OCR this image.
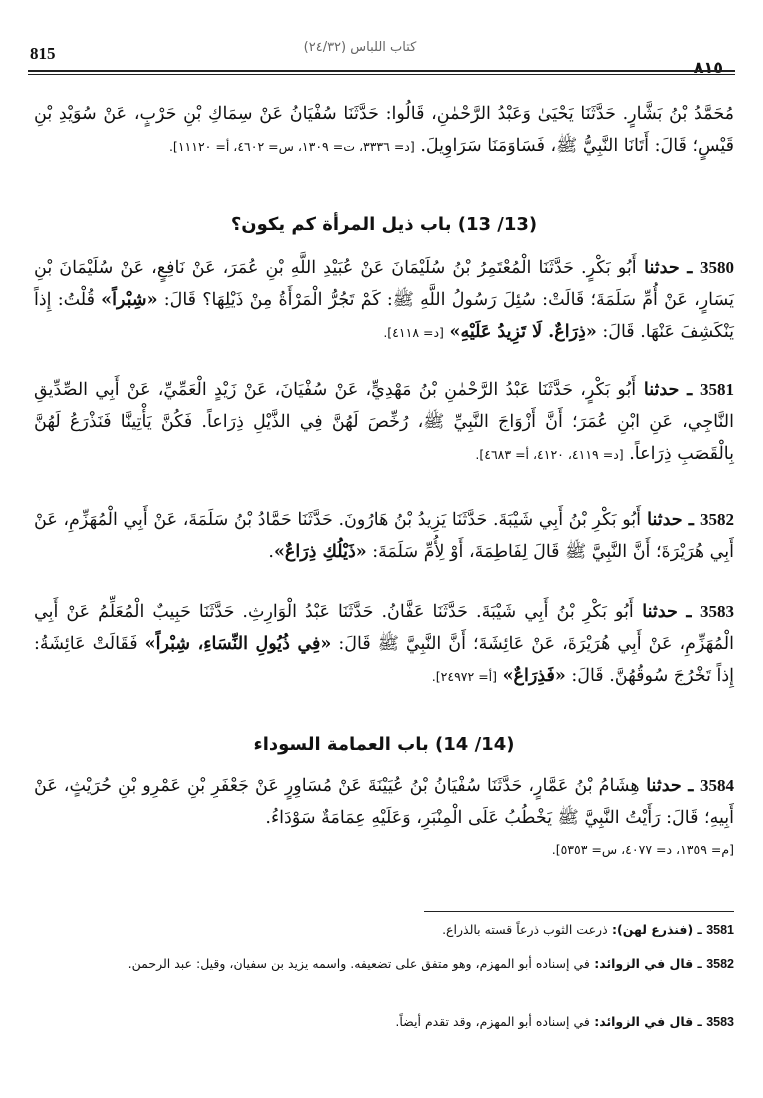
815	(٢٤/٣٢) كتاب اللباس
٨١٥
مُحَمَّدُ بْنُ بَشَّارٍ. حَدَّثَنَا يَحْيَىٰ وَعَبْدُ الرَّحْمٰنِ، قَالُوا: حَدَّثَنَا سُفْيَانُ عَنْ سِمَاكِ بْنِ حَرْبٍ، عَنْ سُوَيْدِ بْنِ قَيْسٍ؛ قَالَ: أَتَانَا النَّبِيُّ ﷺ، فَسَاوَمَنَا سَرَاوِيلَ. [د= ٣٣٣٦، ت= ١٣٠٩، س= ٤٦٠٢، أ= ١١١٢٠].
(13/ 13) باب ذيل المرأة كم يكون؟
3580 ـ حدثنا أَبُو بَكْرٍ. حَدَّثَنَا الْمُعْتَمِرُ بْنُ سُلَيْمَانَ عَنْ عُبَيْدِ اللَّهِ بْنِ عُمَرَ، عَنْ نَافِعٍ، عَنْ سُلَيْمَانَ بْنِ يَسَارٍ، عَنْ أُمِّ سَلَمَةَ؛ قَالَتْ: سُئِلَ رَسُولُ اللَّهِ ﷺ: كَمْ تَجُرُّ الْمَرْأَةُ مِنْ ذَيْلِهَا؟ قَالَ: «شِبْراً» قُلْتُ: إِذاً يَنْكَشِفَ عَنْهَا. قَالَ: «ذِرَاعٌ. لَا تَزِيدُ عَلَيْهِ» [د= ٤١١٨].
3581 ـ حدثنا أَبُو بَكْرٍ، حَدَّثَنَا عَبْدُ الرَّحْمٰنِ بْنُ مَهْدِيٍّ، عَنْ سُفْيَانَ، عَنْ زَيْدٍ الْعَمِّيِّ، عَنْ أَبِي الصِّدِّيقِ النَّاجِي، عَنِ ابْنِ عُمَرَ؛ أَنَّ أَزْوَاجَ النَّبِيِّ ﷺ، رُخِّصَ لَهُنَّ فِي الذَّيْلِ ذِرَاعاً. فَكُنَّ يَأْتِينَّا فَنَذْرَعُ لَهُنَّ بِالْقَصَبِ ذِرَاعاً. [د= ٤١١٩، ٤١٢٠، أ= ٤٦٨٣].
3582 ـ حدثنا أَبُو بَكْرِ بْنُ أَبِي شَيْبَةَ. حَدَّثَنَا يَزِيدُ بْنُ هَارُونَ. حَدَّثَنَا حَمَّادُ بْنُ سَلَمَةَ، عَنْ أَبِي الْمُهَزِّمِ، عَنْ أَبِي هُرَيْرَةَ؛ أَنَّ النَّبِيَّ ﷺ قَالَ لِفَاطِمَةَ، أَوْ لِأُمِّ سَلَمَةَ: «ذَيْلُكِ ذِرَاعٌ».
3583 ـ حدثنا أَبُو بَكْرِ بْنُ أَبِي شَيْبَةَ. حَدَّثَنَا عَفَّانُ. حَدَّثَنَا عَبْدُ الْوَارِثِ. حَدَّثَنَا حَبِيبٌ الْمُعَلِّمُ عَنْ أَبِي الْمُهَزِّمِ، عَنْ أَبِي هُرَيْرَةَ، عَنْ عَائِشَةَ؛ أَنَّ النَّبِيَّ ﷺ قَالَ: «فِي ذُيُولِ النِّسَاءِ، شِبْراً» فَقَالَتْ عَائِشَةُ: إِذاً تَخْرُجَ سُوقُهُنَّ. قَالَ: «فَذِرَاعٌ» [أ= ٢٤٩٧٢].
(14/ 14) باب العمامة السوداء
3584 ـ حدثنا هِشَامُ بْنُ عَمَّارٍ، حَدَّثَنَا سُفْيَانُ بْنُ عُيَيْنَةَ عَنْ مُسَاوِرٍ عَنْ جَعْفَرِ بْنِ عَمْرِو بْنِ حُرَيْثٍ، عَنْ أَبِيهِ؛ قَالَ: رَأَيْتُ النَّبِيَّ ﷺ يَخْطُبُ عَلَى الْمِنْبَرِ، وَعَلَيْهِ عِمَامَةٌ سَوْدَاءُ.
[م= ١٣٥٩، د= ٤٠٧٧، س= ٥٣٥٣].
3581 ـ (فنذرع لهن): ذرعت الثوب ذرعاً قسته بالذراع.
3582 ـ قال في الزوائد: في إسناده أبو المهزم، وهو متفق على تضعيفه. واسمه يزيد بن سفيان، وقيل: عبد الرحمن.
3583 ـ قال في الزوائد: في إسناده أبو المهزم، وقد تقدم أيضاً.
